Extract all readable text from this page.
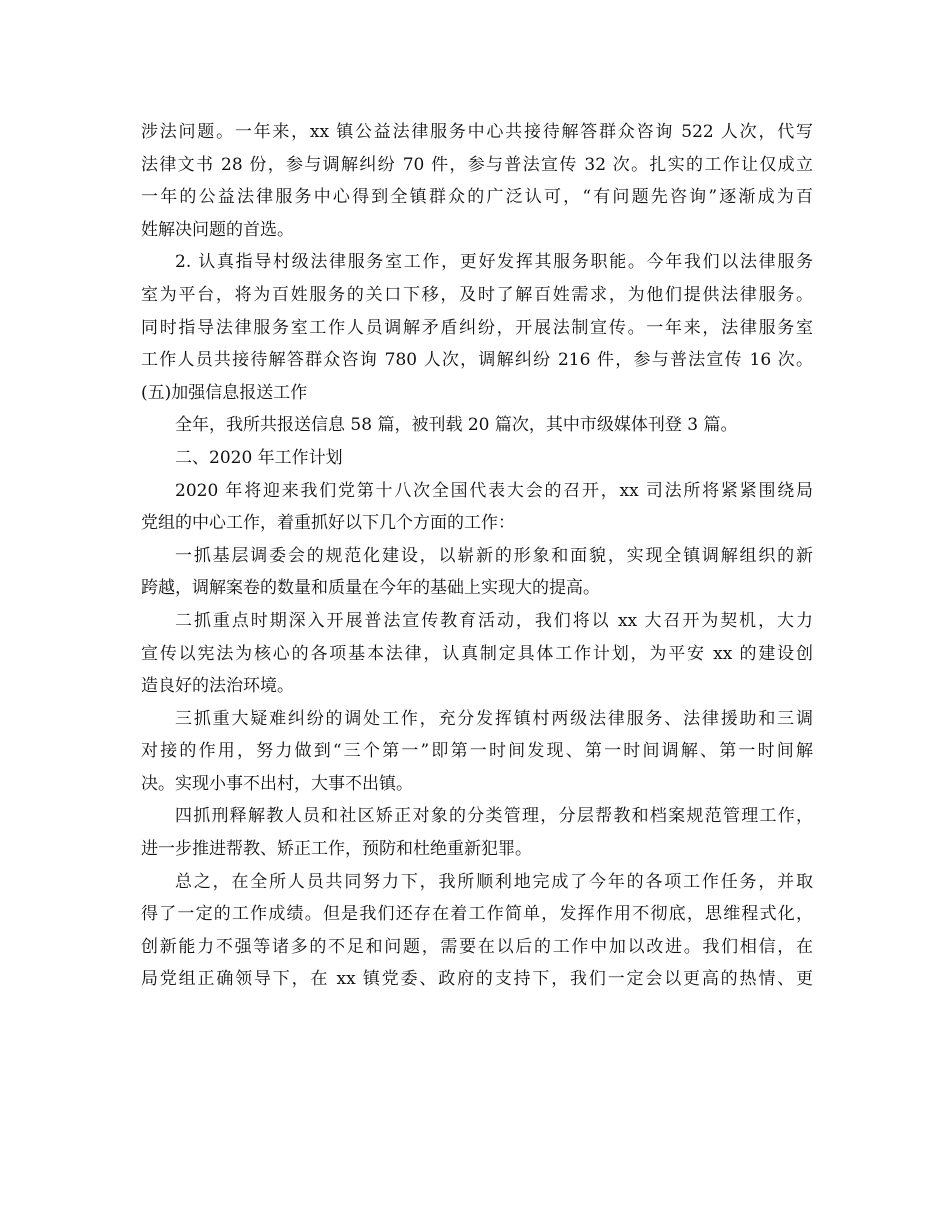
涉法问题。一年来，xx 镇公益法律服务中心共接待解答群众咨询 522 人次，代写
法律文书 28 份，参与调解纠纷 70 件，参与普法宣传 32 次。扎实的工作让仅成立
一年的公益法律服务中心得到全镇群众的广泛认可，“有问题先咨询”逐渐成为百
姓解决问题的首选。
2. 认真指导村级法律服务室工作，更好发挥其服务职能。今年我们以法律服务
室为平台，将为百姓服务的关口下移，及时了解百姓需求，为他们提供法律服务。
同时指导法律服务室工作人员调解矛盾纠纷，开展法制宣传。一年来，法律服务室
工作人员共接待解答群众咨询 780 人次，调解纠纷 216 件，参与普法宣传 16 次。
(五)加强信息报送工作
全年，我所共报送信息 58 篇，被刊载 20 篇次，其中市级媒体刊登 3 篇。
二、2020 年工作计划
2020 年将迎来我们党第十八次全国代表大会的召开，xx 司法所将紧紧围绕局
党组的中心工作，着重抓好以下几个方面的工作：
一抓基层调委会的规范化建设，以崭新的形象和面貌，实现全镇调解组织的新
跨越，调解案卷的数量和质量在今年的基础上实现大的提高。
二抓重点时期深入开展普法宣传教育活动，我们将以 xx 大召开为契机，大力
宣传以宪法为核心的各项基本法律，认真制定具体工作计划，为平安 xx 的建设创
造良好的法治环境。
三抓重大疑难纠纷的调处工作，充分发挥镇村两级法律服务、法律援助和三调
对接的作用，努力做到“三个第一”即第一时间发现、第一时间调解、第一时间解
决。实现小事不出村，大事不出镇。
四抓刑释解教人员和社区矫正对象的分类管理，分层帮教和档案规范管理工作，
进一步推进帮教、矫正工作，预防和杜绝重新犯罪。
总之，在全所人员共同努力下，我所顺利地完成了今年的各项工作任务，并取
得了一定的工作成绩。但是我们还存在着工作简单，发挥作用不彻底，思维程式化，
创新能力不强等诸多的不足和问题，需要在以后的工作中加以改进。我们相信，在
局党组正确领导下，在 xx 镇党委、政府的支持下，我们一定会以更高的热情、更
